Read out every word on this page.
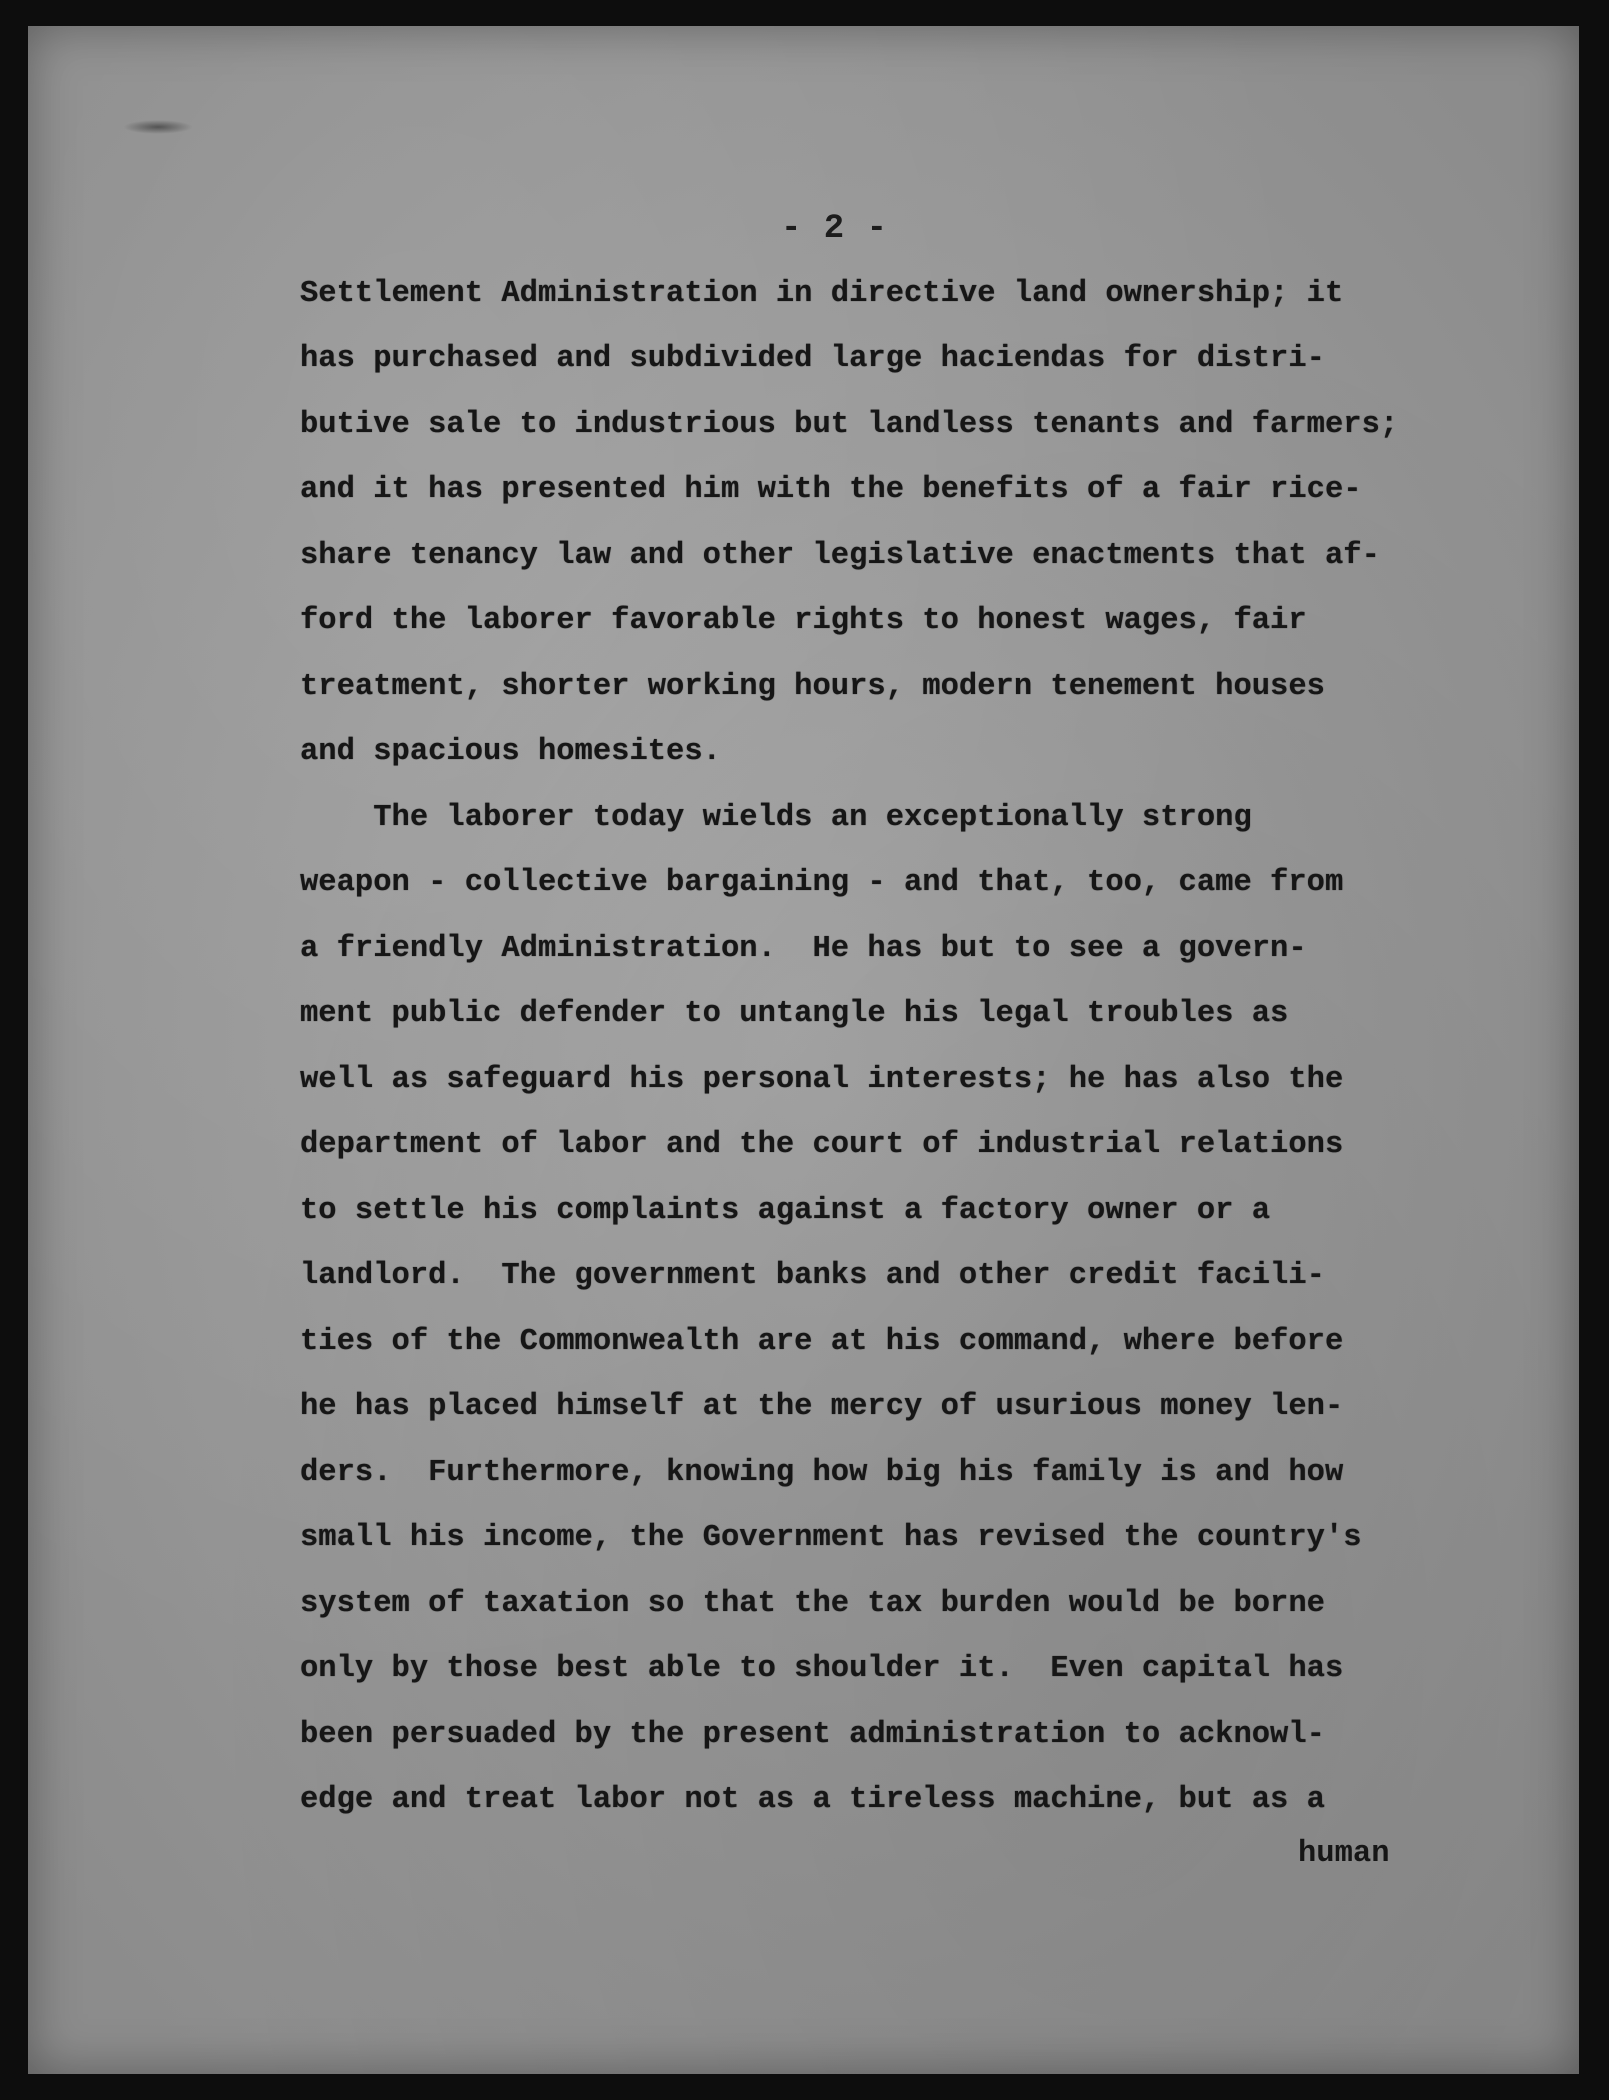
- 2 -
Settlement Administration in directive land ownership; it
has purchased and subdivided large haciendas for distri-
butive sale to industrious but landless tenants and farmers;
and it has presented him with the benefits of a fair rice-
share tenancy law and other legislative enactments that af-
ford the laborer favorable rights to honest wages, fair
treatment, shorter working hours, modern tenement houses
and spacious homesites.
The laborer today wields an exceptionally strong
weapon - collective bargaining - and that, too, came from
a friendly Administration.  He has but to see a govern-
ment public defender to untangle his legal troubles as
well as safeguard his personal interests; he has also the
department of labor and the court of industrial relations
to settle his complaints against a factory owner or a
landlord.  The government banks and other credit facili-
ties of the Commonwealth are at his command, where before
he has placed himself at the mercy of usurious money len-
ders.  Furthermore, knowing how big his family is and how
small his income, the Government has revised the country's
system of taxation so that the tax burden would be borne
only by those best able to shoulder it.  Even capital has
been persuaded by the present administration to acknowl-
edge and treat labor not as a tireless machine, but as a
human
